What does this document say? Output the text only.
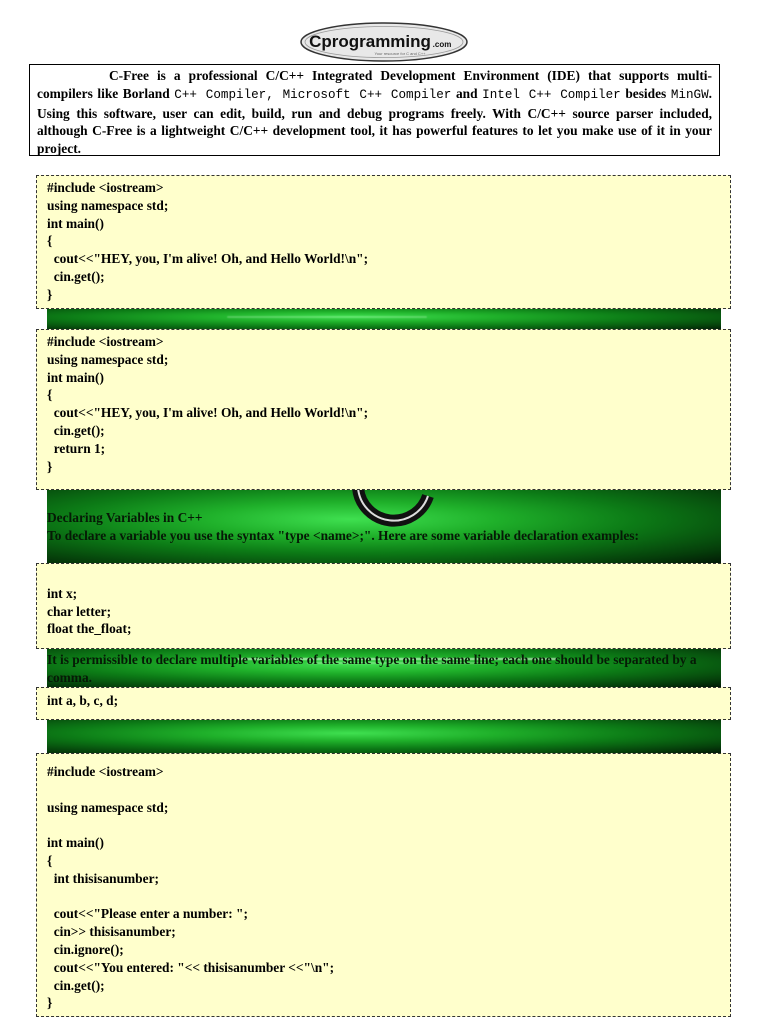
Cprogramming .com
Your resource for C and C++
C-Free is a professional C/C++ Integrated Development Environment (IDE) that supports multi-compilers like Borland C++ Compiler, Microsoft C++ Compiler and Intel C++ Compiler besides MinGW. Using this software, user can edit, build, run and debug programs freely. With C/C++ source parser included, although C-Free is a lightweight C/C++ development tool, it has powerful features to let you make use of it in your project.
#include <iostream>
using namespace std;
int main()
{
cout<<"HEY, you, I'm alive! Oh, and Hello World!\n";
cin.get();
}
#include <iostream>
using namespace std;
int main()
{
cout<<"HEY, you, I'm alive! Oh, and Hello World!\n";
cin.get();
return 1;
}
Declaring Variables in C++
To declare a variable you use the syntax "type <name>;". Here are some variable declaration examples:

int x;
char letter;
float the_float;
It is permissible to declare multiple variables of the same type on the same line; each one should be separated by a comma.
int a, b, c, d;
#include <iostream>

using namespace std;

int main()
{
int thisisanumber;

cout<<"Please enter a number: ";
cin>> thisisanumber;
cin.ignore();
cout<<"You entered: "<< thisisanumber <<"\n";
cin.get();
}
